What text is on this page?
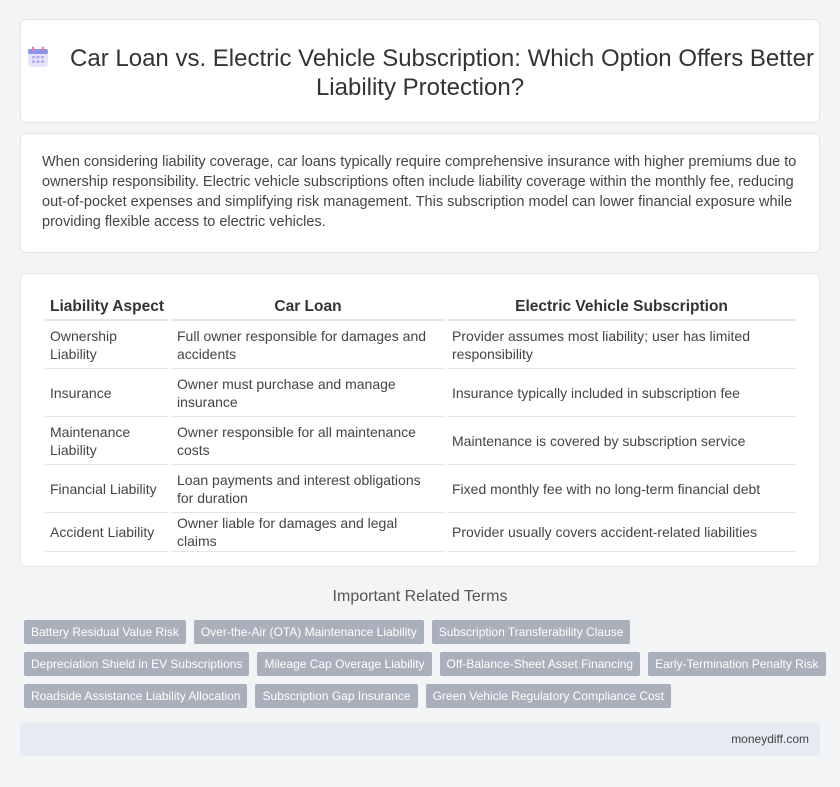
Car Loan vs. Electric Vehicle Subscription: Which Option Offers Better Liability Protection?
When considering liability coverage, car loans typically require comprehensive insurance with higher premiums due to ownership responsibility. Electric vehicle subscriptions often include liability coverage within the monthly fee, reducing out-of-pocket expenses and simplifying risk management. This subscription model can lower financial exposure while providing flexible access to electric vehicles.
Liability Aspect	Car Loan	Electric Vehicle Subscription
Ownership Liability	Full owner responsible for damages and accidents	Provider assumes most liability; user has limited responsibility
Insurance	Owner must purchase and manage insurance	Insurance typically included in subscription fee
Maintenance Liability	Owner responsible for all maintenance costs	Maintenance is covered by subscription service
Financial Liability	Loan payments and interest obligations for duration	Fixed monthly fee with no long-term financial debt
Accident Liability	Owner liable for damages and legal claims	Provider usually covers accident-related liabilities
Important Related Terms
Battery Residual Value Risk	Over-the-Air (OTA) Maintenance Liability	Subscription Transferability Clause
Depreciation Shield in EV Subscriptions	Mileage Cap Overage Liability	Off-Balance-Sheet Asset Financing	Early-Termination Penalty Risk
Roadside Assistance Liability Allocation	Subscription Gap Insurance	Green Vehicle Regulatory Compliance Cost
moneydiff.com
